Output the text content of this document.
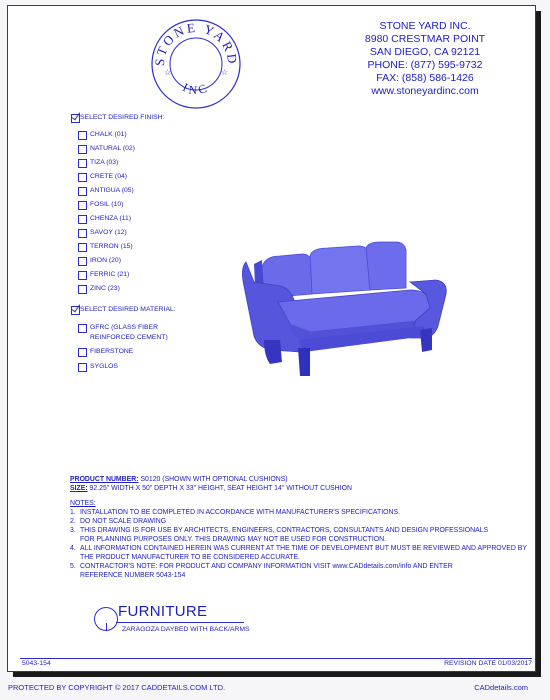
STONE YARD
INC
☆	☆
STONE YARD INC.
8980 CRESTMAR POINT
SAN DIEGO, CA 92121
PHONE: (877) 595-9732
FAX: (858) 586-1426
www.stoneyardinc.com
SELECT DESIRED FINISH:
CHALK (01)
NATURAL (02)
TIZA (03)
CRETE (04)
ANTIGUA (05)
FOSIL (10)
CHENZA (11)
SAVOY (12)
TERRON (15)
IRON (20)
FERRIC (21)
ZINC (23)
SELECT DESIRED MATERIAL:
GFRC (GLASS FIBER
REINFORCED CEMENT)
FIBERSTONE
SYGLOS
PRODUCT NUMBER: S0120 (SHOWN WITH OPTIONAL CUSHIONS)
SIZE: 92.25" WIDTH X 50" DEPTH X 33" HEIGHT, SEAT HEIGHT 14" WITHOUT CUSHION
NOTES:
1. INSTALLATION TO BE COMPLETED IN ACCORDANCE WITH MANUFACTURER'S SPECIFICATIONS.
2. DO NOT SCALE DRAWING
3. THIS DRAWING IS FOR USE BY ARCHITECTS, ENGINEERS, CONTRACTORS, CONSULTANTS AND DESIGN PROFESSIONALS
FOR PLANNING PURPOSES ONLY. THIS DRAWING MAY NOT BE USED FOR CONSTRUCTION.
4. ALL INFORMATION CONTAINED HEREIN WAS CURRENT AT THE TIME OF DEVELOPMENT BUT MUST BE REVIEWED AND APPROVED BY
THE PRODUCT MANUFACTURER TO BE CONSIDERED ACCURATE.
5. CONTRACTOR'S NOTE: FOR PRODUCT AND COMPANY INFORMATION VISIT www.CADdetails.com/info AND ENTER
REFERENCE NUMBER 5043-154
FURNITURE
ZARAGOZA DAYBED WITH BACK/ARMS
5043-154	REVISION DATE 01/03/2017
PROTECTED BY COPYRIGHT © 2017 CADDETAILS.COM LTD.	CADdetails.com
